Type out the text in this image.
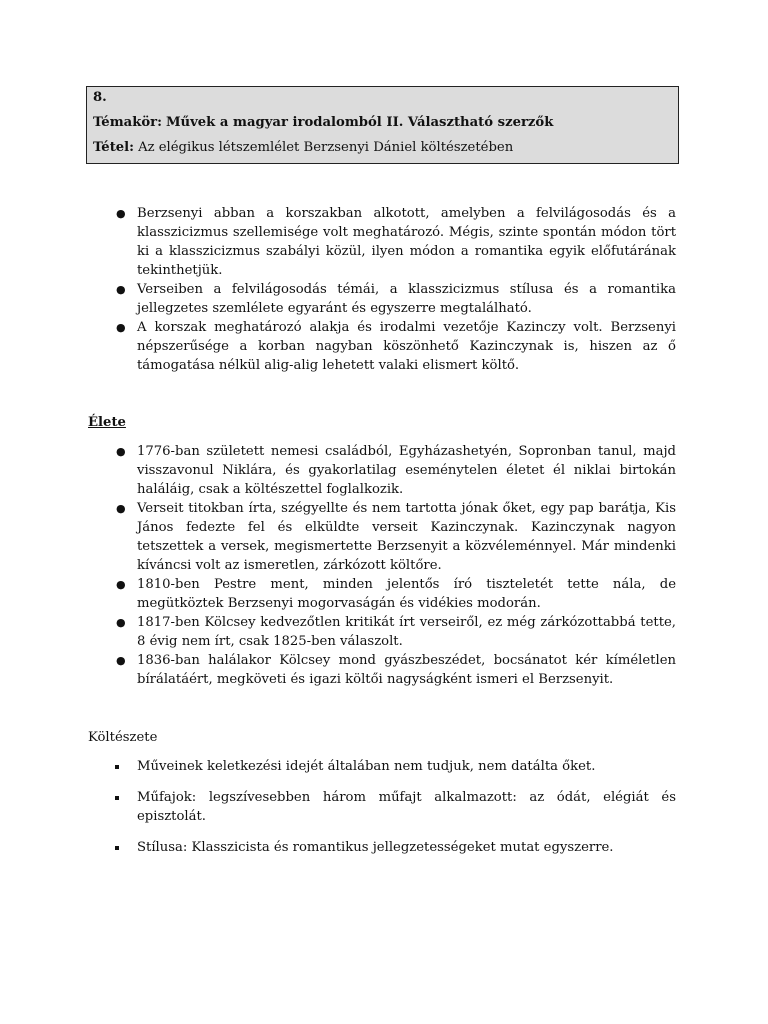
8.
Témakör: Művek a magyar irodalomból II. Választható szerzők
Tétel: Az elégikus létszemlélet Berzsenyi Dániel költészetében
● Berzsenyi abban a korszakban alkotott, amelyben a felvilágosodás és a klasszicizmus szellemisége volt meghatározó. Mégis, szinte spontán módon tört ki a klasszicizmus szabályi közül, ilyen módon a romantika egyik előfutárának tekinthetjük.
● Verseiben a felvilágosodás témái, a klasszicizmus stílusa és a romantika jellegzetes szemlélete egyaránt és egyszerre megtalálható.
● A korszak meghatározó alakja és irodalmi vezetője Kazinczy volt. Berzsenyi népszerűsége a korban nagyban köszönhető Kazinczynak is, hiszen az ő támogatása nélkül alig-alig lehetett valaki elismert költő.
Élete
● 1776-ban született nemesi családból, Egyházashetyén, Sopronban tanul, majd visszavonul Niklára, és gyakorlatilag eseménytelen életet él niklai birtokán haláláig, csak a költészettel foglalkozik.
● Verseit titokban írta, szégyellte és nem tartotta jónak őket, egy pap barátja, Kis János fedezte fel és elküldte verseit Kazinczynak. Kazinczynak nagyon tetszettek a versek, megismertette Berzsenyit a közvéleménnyel. Már mindenki kíváncsi volt az ismeretlen, zárkózott költőre.
● 1810-ben Pestre ment, minden jelentős író tiszteletét tette nála, de megütköztek Berzsenyi mogorvaságán és vidékies modorán.
● 1817-ben Kölcsey kedvezőtlen kritikát írt verseiről, ez még zárkózottabbá tette, 8 évig nem írt, csak 1825-ben válaszolt.
● 1836-ban halálakor Kölcsey mond gyászbeszédet, bocsánatot kér kíméletlen bírálatáért, megköveti és igazi költői nagyságként ismeri el Berzsenyit.
Költészete
Műveinek keletkezési idejét általában nem tudjuk, nem datálta őket.
Műfajok: legszívesebben három műfajt alkalmazott: az ódát, elégiát és episztolát.
Stílusa: Klasszicista és romantikus jellegzetességeket mutat egyszerre.
